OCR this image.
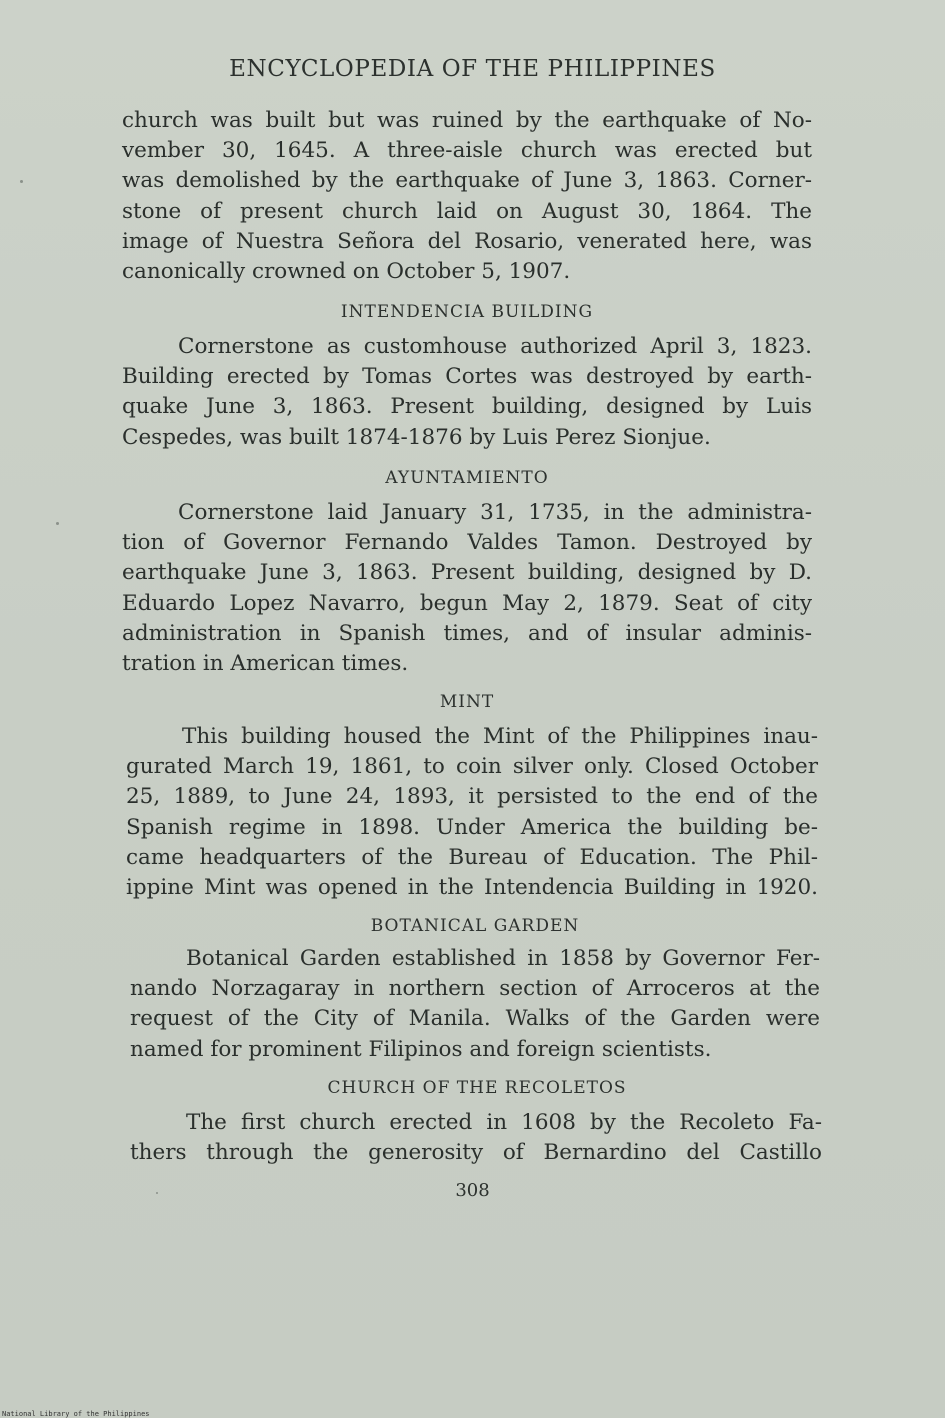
ENCYCLOPEDIA OF THE PHILIPPINES
church was built but was ruined by the earthquake of No-
vember 30, 1645. A three-aisle church was erected but
was demolished by the earthquake of June 3, 1863. Corner-
stone of present church laid on August 30, 1864. The
image of Nuestra Señora del Rosario, venerated here, was
canonically crowned on October 5, 1907.
INTENDENCIA BUILDING
Cornerstone as customhouse authorized April 3, 1823.
Building erected by Tomas Cortes was destroyed by earth-
quake June 3, 1863. Present building, designed by Luis
Cespedes, was built 1874-1876 by Luis Perez Sionjue.
AYUNTAMIENTO
Cornerstone laid January 31, 1735, in the administra-
tion of Governor Fernando Valdes Tamon. Destroyed by
earthquake June 3, 1863. Present building, designed by D.
Eduardo Lopez Navarro, begun May 2, 1879. Seat of city
administration in Spanish times, and of insular adminis-
tration in American times.
MINT
This building housed the Mint of the Philippines inau-
gurated March 19, 1861, to coin silver only. Closed October
25, 1889, to June 24, 1893, it persisted to the end of the
Spanish regime in 1898. Under America the building be-
came headquarters of the Bureau of Education. The Phil-
ippine Mint was opened in the Intendencia Building in 1920.
BOTANICAL GARDEN
Botanical Garden established in 1858 by Governor Fer-
nando Norzagaray in northern section of Arroceros at the
request of the City of Manila. Walks of the Garden were
named for prominent Filipinos and foreign scientists.
CHURCH OF THE RECOLETOS
The first church erected in 1608 by the Recoleto Fa-
thers through the generosity of Bernardino del Castillo
308
National Library of the Philippines
